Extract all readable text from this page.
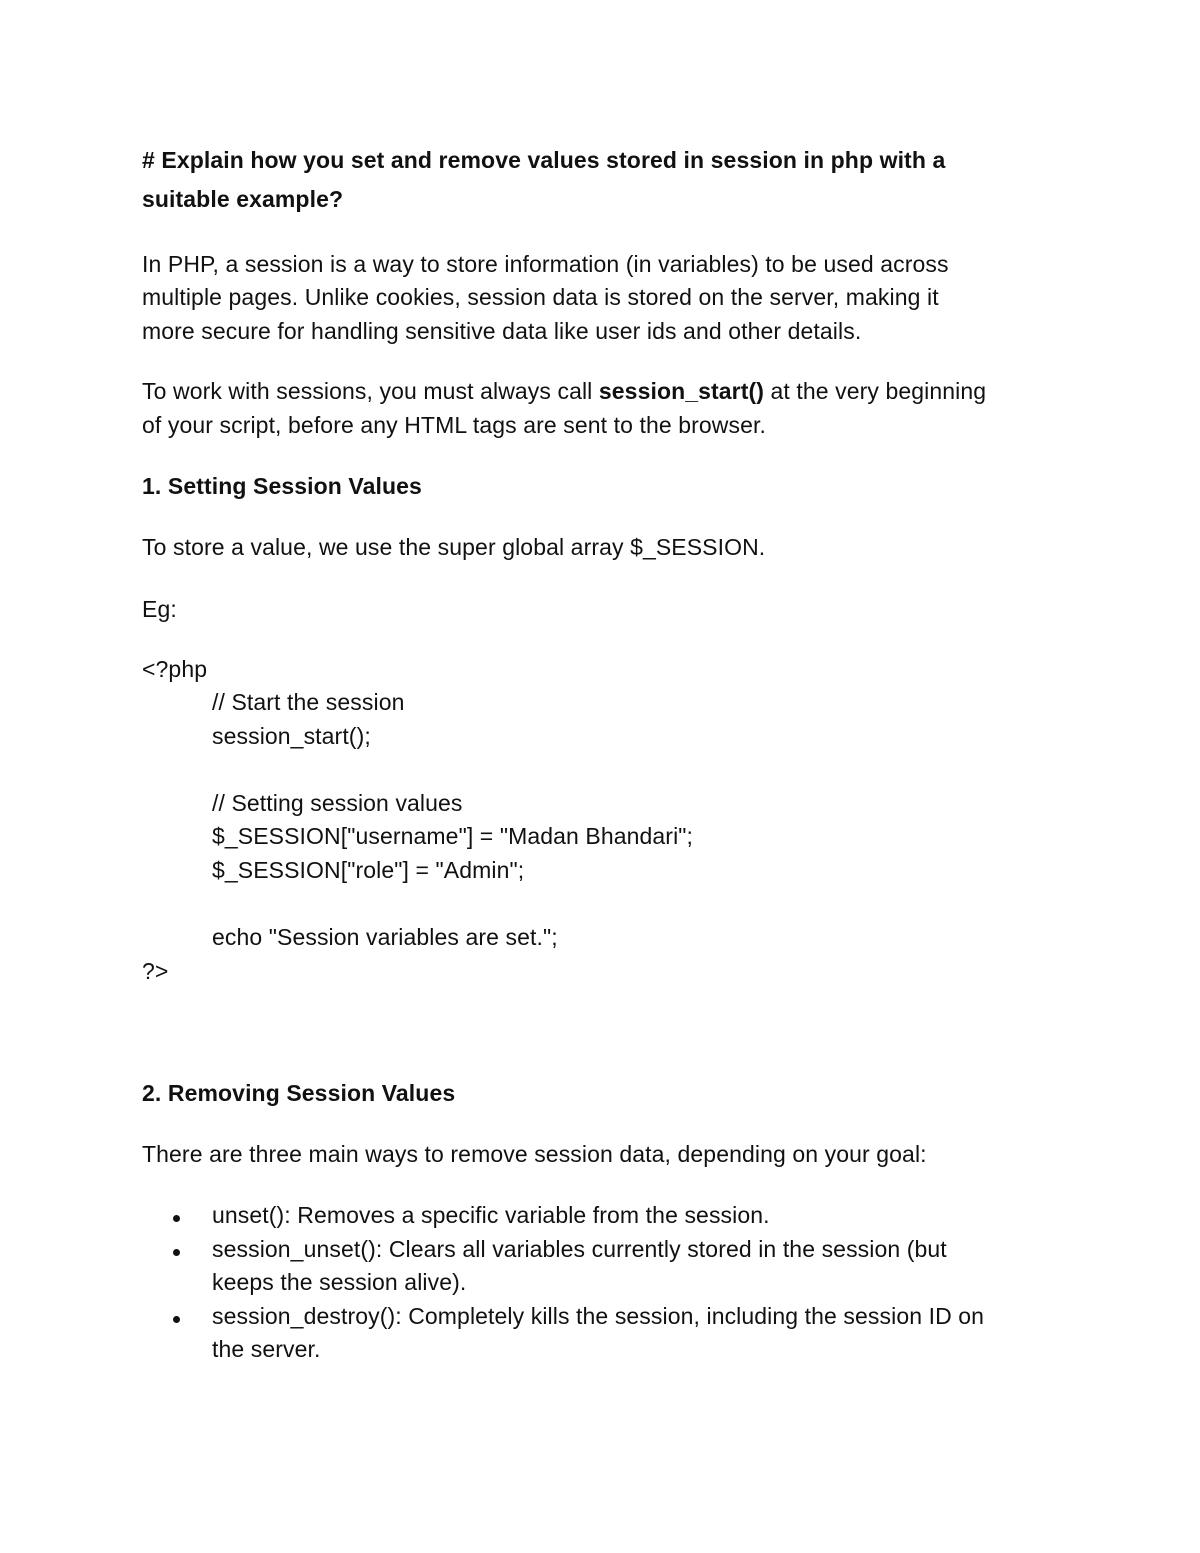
# Explain how you set and remove values stored in session in php with a
suitable example?
In PHP, a session is a way to store information (in variables) to be used across
multiple pages. Unlike cookies, session data is stored on the server, making it
more secure for handling sensitive data like user ids and other details.
To work with sessions, you must always call session_start() at the very beginning
of your script, before any HTML tags are sent to the browser.
1. Setting Session Values
To store a value, we use the super global array $_SESSION.
Eg:
<?php
// Start the session
session_start();
// Setting session values
$_SESSION["username"] = "Madan Bhandari";
$_SESSION["role"] = "Admin";
echo "Session variables are set.";
?>
2. Removing Session Values
There are three main ways to remove session data, depending on your goal:
unset(): Removes a specific variable from the session.
session_unset(): Clears all variables currently stored in the session (but
keeps the session alive).
session_destroy(): Completely kills the session, including the session ID on
the server.
